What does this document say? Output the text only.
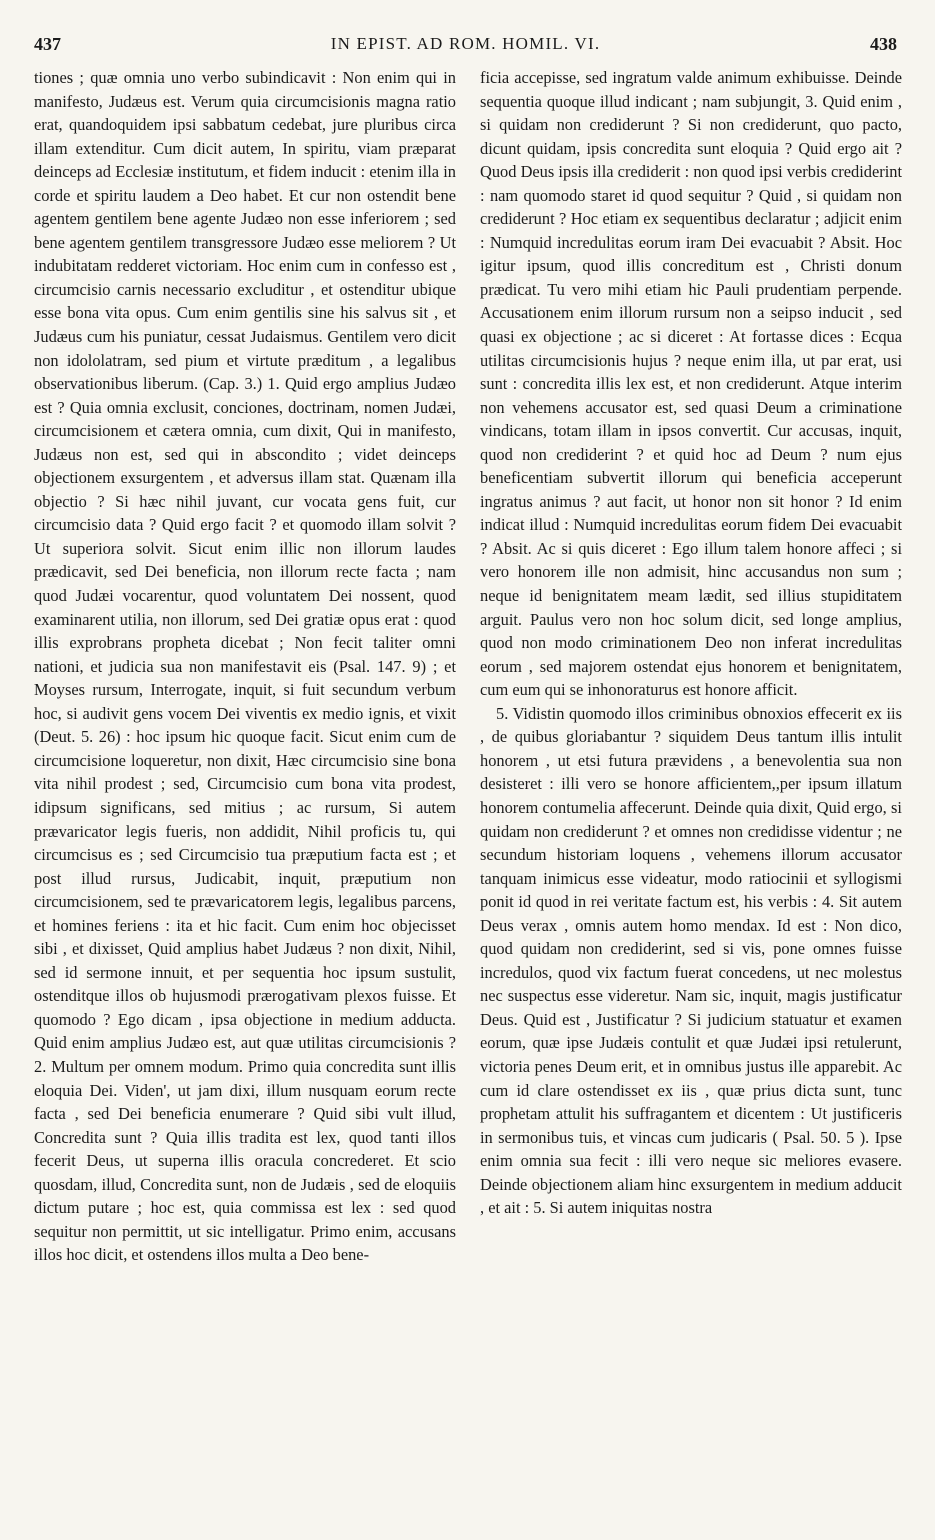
437	IN EPIST. AD ROM. HOMIL. VI.	438

tiones ; quæ omnia uno verbo subindicavit : Non enim qui in manifesto, Judæus est. Verum quia circumcisionis magna ratio erat, quandoquidem ipsi sabbatum cedebat, jure pluribus circa illam extenditur. Cum dicit autem, In spiritu, viam præparat deinceps ad Ecclesiæ institutum, et fidem inducit : etenim illa in corde et spiritu laudem a Deo habet. Et cur non ostendit bene agentem gentilem bene agente Judæo non esse inferiorem ; sed bene agentem gentilem transgressore Judæo esse meliorem ? Ut indubitatam redderet victoriam. Hoc enim cum in confesso est , circumcisio carnis necessario excluditur , et ostenditur ubique esse bona vita opus. Cum enim gentilis sine his salvus sit , et Judæus cum his puniatur, cessat Judaismus. Gentilem vero dicit non idololatram, sed pium et virtute præditum , a legalibus observationibus liberum. (Cap. 3.) 1. Quid ergo amplius Judæo est ? Quia omnia exclusit, conciones, doctrinam, nomen Judæi, circumcisionem et cætera omnia, cum dixit, Qui in manifesto, Judæus non est, sed qui in abscondito ; videt deinceps objectionem exsurgentem , et adversus illam stat. Quænam illa objectio ? Si hæc nihil juvant, cur vocata gens fuit, cur circumcisio data ? Quid ergo facit ? et quomodo illam solvit ? Ut superiora solvit. Sicut enim illic non illorum laudes prædicavit, sed Dei beneficia, non illorum recte facta ; nam quod Judæi vocarentur, quod voluntatem Dei nossent, quod examinarent utilia, non illorum, sed Dei gratiæ opus erat : quod illis exprobrans propheta dicebat ; Non fecit taliter omni nationi, et judicia sua non manifestavit eis (Psal. 147. 9) ; et Moyses rursum, Interrogate, inquit, si fuit secundum verbum hoc, si audivit gens vocem Dei viventis ex medio ignis, et vixit (Deut. 5. 26) : hoc ipsum hic quoque facit. Sicut enim cum de circumcisione loqueretur, non dixit, Hæc circumcisio sine bona vita nihil prodest ; sed, Circumcisio cum bona vita prodest, idipsum significans, sed mitius ; ac rursum, Si autem prævaricator legis fueris, non addidit, Nihil proficis tu, qui circumcisus es ; sed Circumcisio tua præputium facta est ; et post illud rursus, Judicabit, inquit, præputium non circumcisionem, sed te prævaricatorem legis, legalibus parcens, et homines feriens : ita et hic facit. Cum enim hoc objecisset sibi , et dixisset, Quid amplius habet Judæus ? non dixit, Nihil, sed id sermone innuit, et per sequentia hoc ipsum sustulit, ostenditque illos ob hujusmodi prærogativam plexos fuisse. Et quomodo ? Ego dicam , ipsa objectione in medium adducta. Quid enim amplius Judæo est, aut quæ utilitas circumcisionis ? 2. Multum per omnem modum. Primo quia concredita sunt illis eloquia Dei. Viden', ut jam dixi, illum nusquam eorum recte facta , sed Dei beneficia enumerare ? Quid sibi vult illud, Concredita sunt ? Quia illis tradita est lex, quod tanti illos fecerit Deus, ut superna illis oracula concrederet. Et scio quosdam, illud, Concredita sunt, non de Judæis , sed de eloquiis dictum putare ; hoc est, quia commissa est lex : sed quod sequitur non permittit, ut sic intelligatur. Primo enim, accusans illos hoc dicit, et ostendens illos multa a Deo bene-

ficia accepisse, sed ingratum valde animum exhibuisse. Deinde sequentia quoque illud indicant ; nam subjungit, 3. Quid enim , si quidam non crediderunt ? Si non crediderunt, quo pacto, dicunt quidam, ipsis concredita sunt eloquia ? Quid ergo ait ? Quod Deus ipsis illa crediderit : non quod ipsi verbis crediderint : nam quomodo staret id quod sequitur ? Quid , si quidam non crediderunt ? Hoc etiam ex sequentibus declaratur ; adjicit enim : Numquid incredulitas eorum iram Dei evacuabit ? Absit. Hoc igitur ipsum, quod illis concreditum est , Christi donum prædicat. Tu vero mihi etiam hic Pauli prudentiam perpende. Accusationem enim illorum rursum non a seipso inducit , sed quasi ex objectione ; ac si diceret : At fortasse dices : Ecqua utilitas circumcisionis hujus ? neque enim illa, ut par erat, usi sunt : concredita illis lex est, et non crediderunt. Atque interim non vehemens accusator est, sed quasi Deum a criminatione vindicans, totam illam in ipsos convertit. Cur accusas, inquit, quod non crediderint ? et quid hoc ad Deum ? num ejus beneficentiam subvertit illorum qui beneficia acceperunt ingratus animus ? aut facit, ut honor non sit honor ? Id enim indicat illud : Numquid incredulitas eorum fidem Dei evacuabit ? Absit. Ac si quis diceret : Ego illum talem honore affeci ; si vero honorem ille non admisit, hinc accusandus non sum ; neque id benignitatem meam lædit, sed illius stupiditatem arguit. Paulus vero non hoc solum dicit, sed longe amplius, quod non modo criminationem Deo non inferat incredulitas eorum , sed majorem ostendat ejus honorem et benignitatem, cum eum qui se inhonoraturus est honore afficit.

5. Vidistin quomodo illos criminibus obnoxios effecerit ex iis , de quibus gloriabantur ? siquidem Deus tantum illis intulit honorem , ut etsi futura prævidens , a benevolentia sua non desisteret : illi vero se honore afficientem,,per ipsum illatum honorem contumelia affecerunt. Deinde quia dixit, Quid ergo, si quidam non crediderunt ? et omnes non credidisse videntur ; ne secundum historiam loquens , vehemens illorum accusator tanquam inimicus esse videatur, modo ratiocinii et syllogismi ponit id quod in rei veritate factum est, his verbis : 4. Sit autem Deus verax , omnis autem homo mendax. Id est : Non dico, quod quidam non crediderint, sed si vis, pone omnes fuisse incredulos, quod vix factum fuerat concedens, ut nec molestus nec suspectus esse videretur. Nam sic, inquit, magis justificatur Deus. Quid est , Justificatur ? Si judicium statuatur et examen eorum, quæ ipse Judæis contulit et quæ Judæi ipsi retulerunt, victoria penes Deum erit, et in omnibus justus ille apparebit. Ac cum id clare ostendisset ex iis , quæ prius dicta sunt, tunc prophetam attulit his suffragantem et dicentem : Ut justificeris in sermonibus tuis, et vincas cum judicaris ( Psal. 50. 5 ). Ipse enim omnia sua fecit : illi vero neque sic meliores evasere. Deinde objectionem aliam hinc exsurgentem in medium adducit , et ait : 5. Si autem iniquitas nostra
